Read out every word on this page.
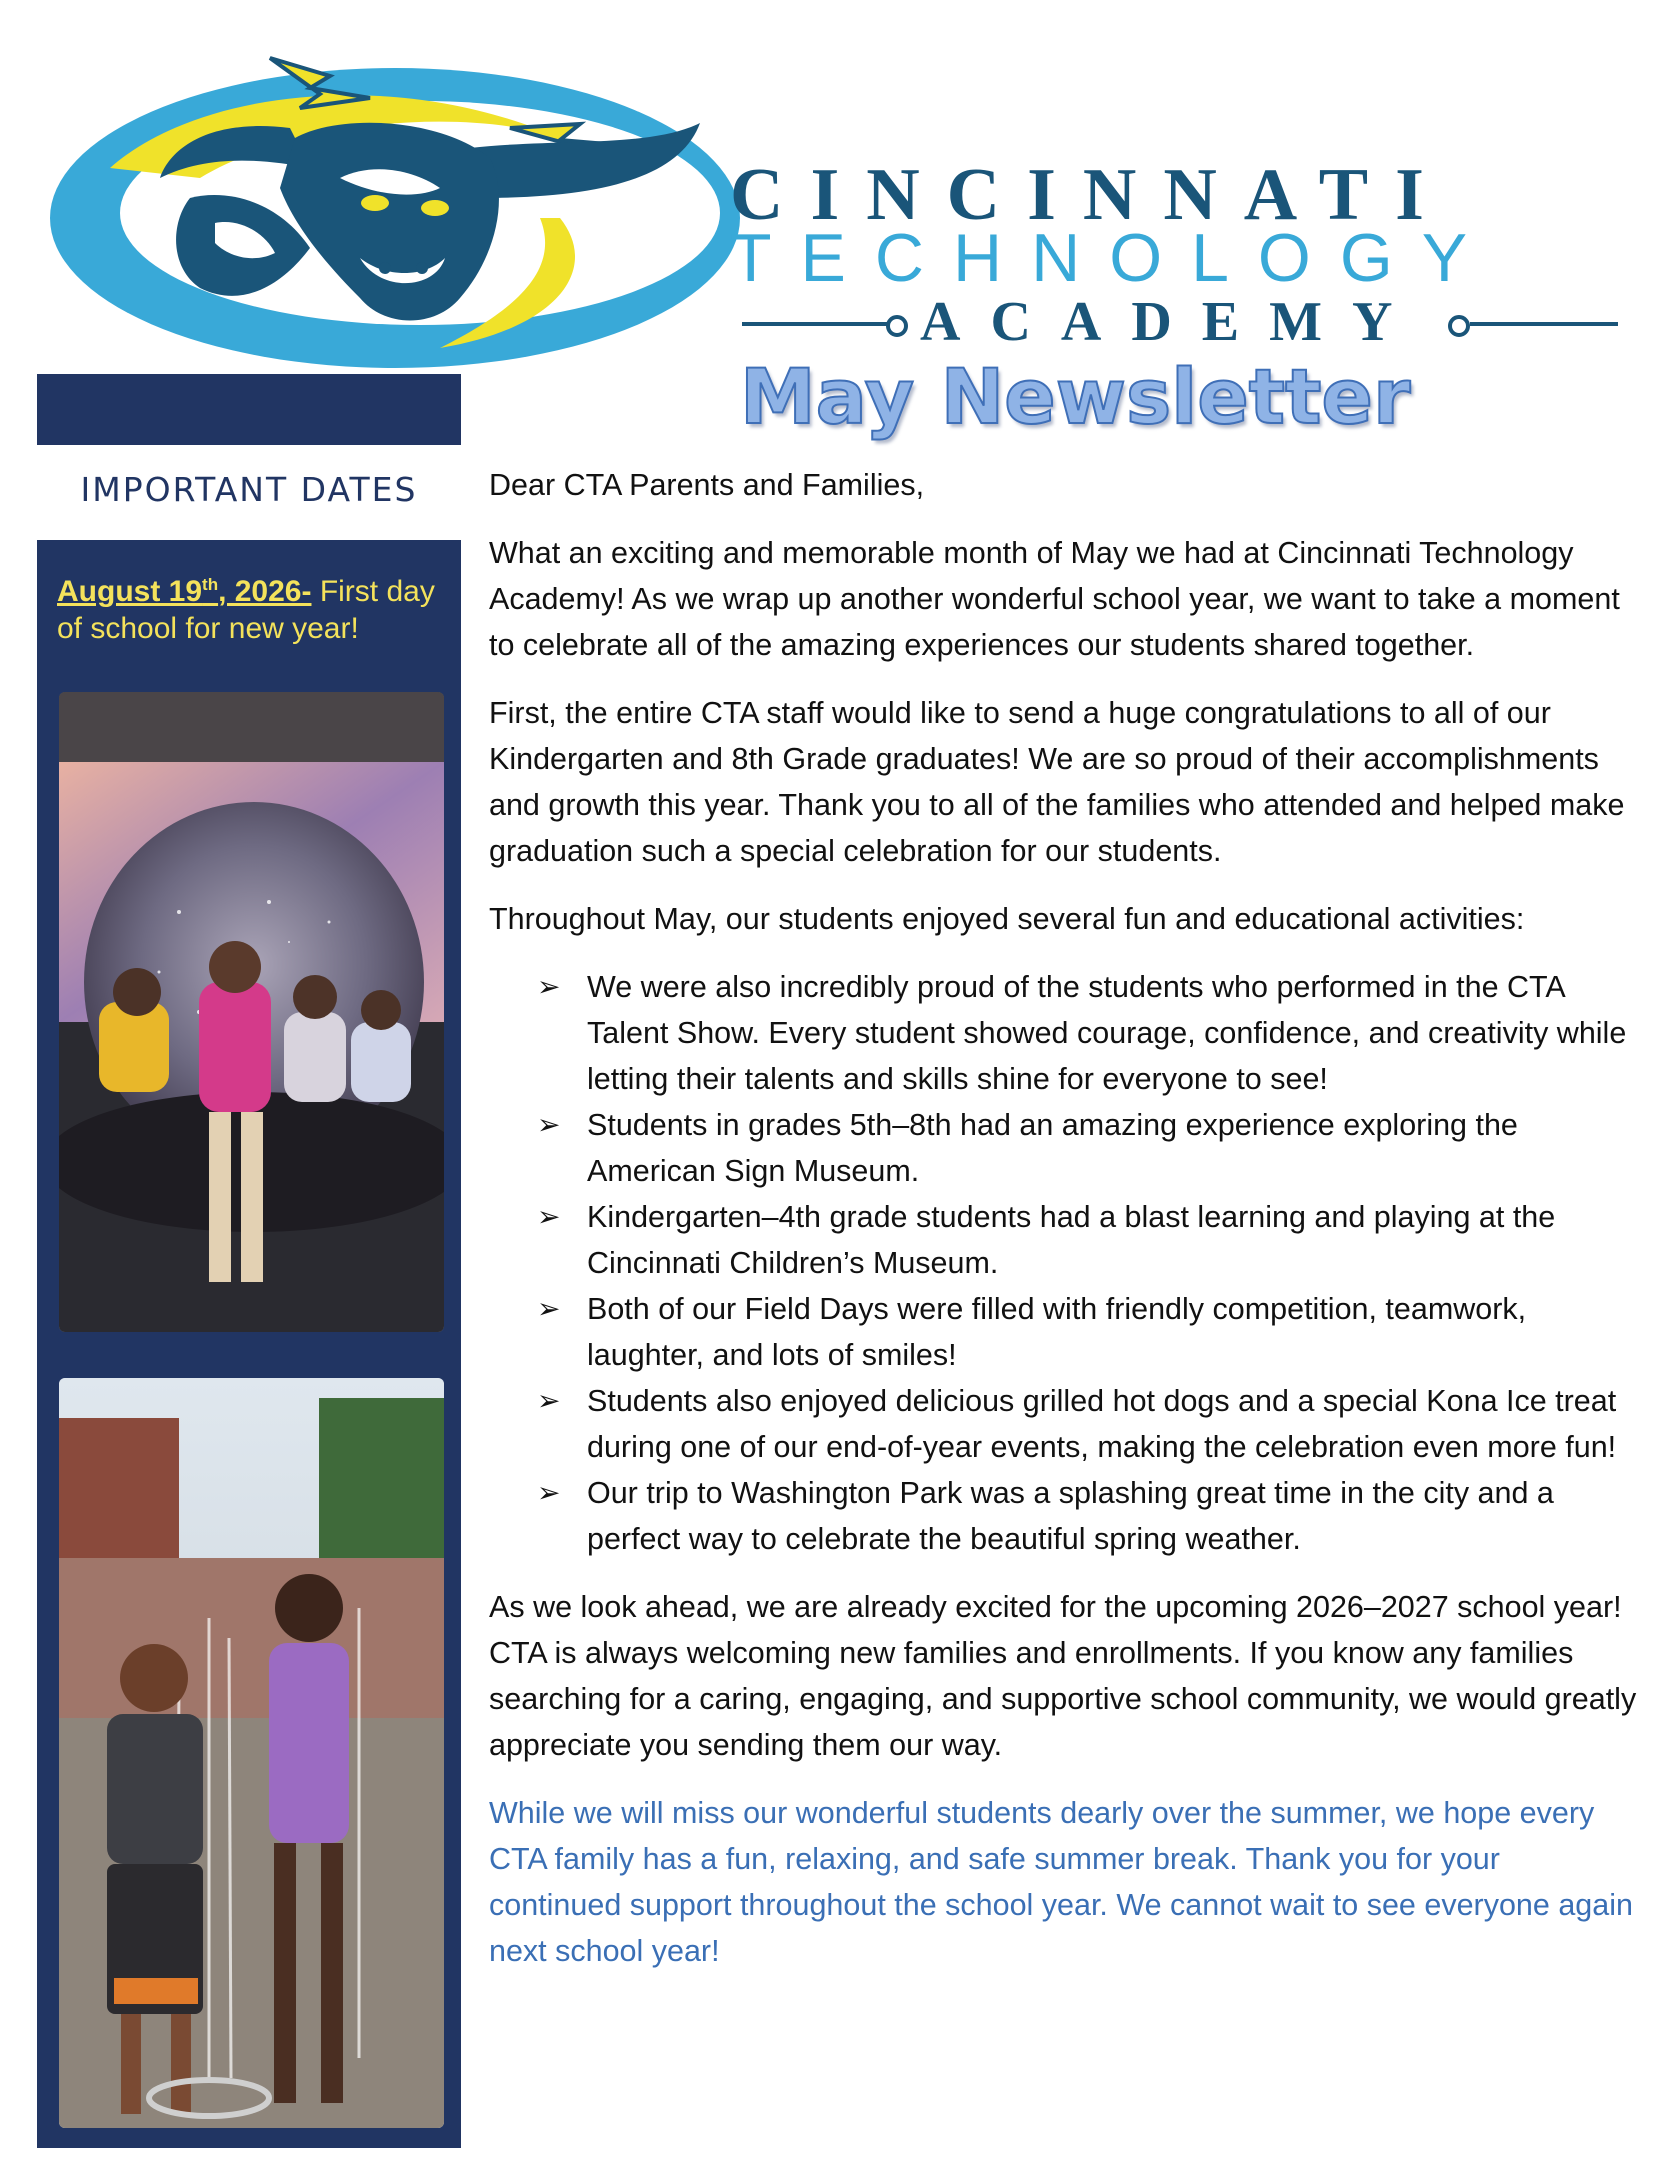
CINCINNATI
TECHNOLOGY
ACADEMY
May Newsletter
IMPORTANT DATES
August 19th, 2026- First day of school for new year!

Dear CTA Parents and Families,

What an exciting and memorable month of May we had at Cincinnati Technology Academy! As we wrap up another wonderful school year, we want to take a moment to celebrate all of the amazing experiences our students shared together.

First, the entire CTA staff would like to send a huge congratulations to all of our Kindergarten and 8th Grade graduates! We are so proud of their accomplishments and growth this year. Thank you to all of the families who attended and helped make graduation such a special celebration for our students.

Throughout May, our students enjoyed several fun and educational activities:

➢ We were also incredibly proud of the students who performed in the CTA Talent Show. Every student showed courage, confidence, and creativity while letting their talents and skills shine for everyone to see!
➢ Students in grades 5th–8th had an amazing experience exploring the American Sign Museum.
➢ Kindergarten–4th grade students had a blast learning and playing at the Cincinnati Children’s Museum.
➢ Both of our Field Days were filled with friendly competition, teamwork, laughter, and lots of smiles!
➢ Students also enjoyed delicious grilled hot dogs and a special Kona Ice treat during one of our end-of-year events, making the celebration even more fun!
➢ Our trip to Washington Park was a splashing great time in the city and a perfect way to celebrate the beautiful spring weather.

As we look ahead, we are already excited for the upcoming 2026–2027 school year! CTA is always welcoming new families and enrollments. If you know any families searching for a caring, engaging, and supportive school community, we would greatly appreciate you sending them our way.

While we will miss our wonderful students dearly over the summer, we hope every CTA family has a fun, relaxing, and safe summer break. Thank you for your continued support throughout the school year. We cannot wait to see everyone again next school year!
